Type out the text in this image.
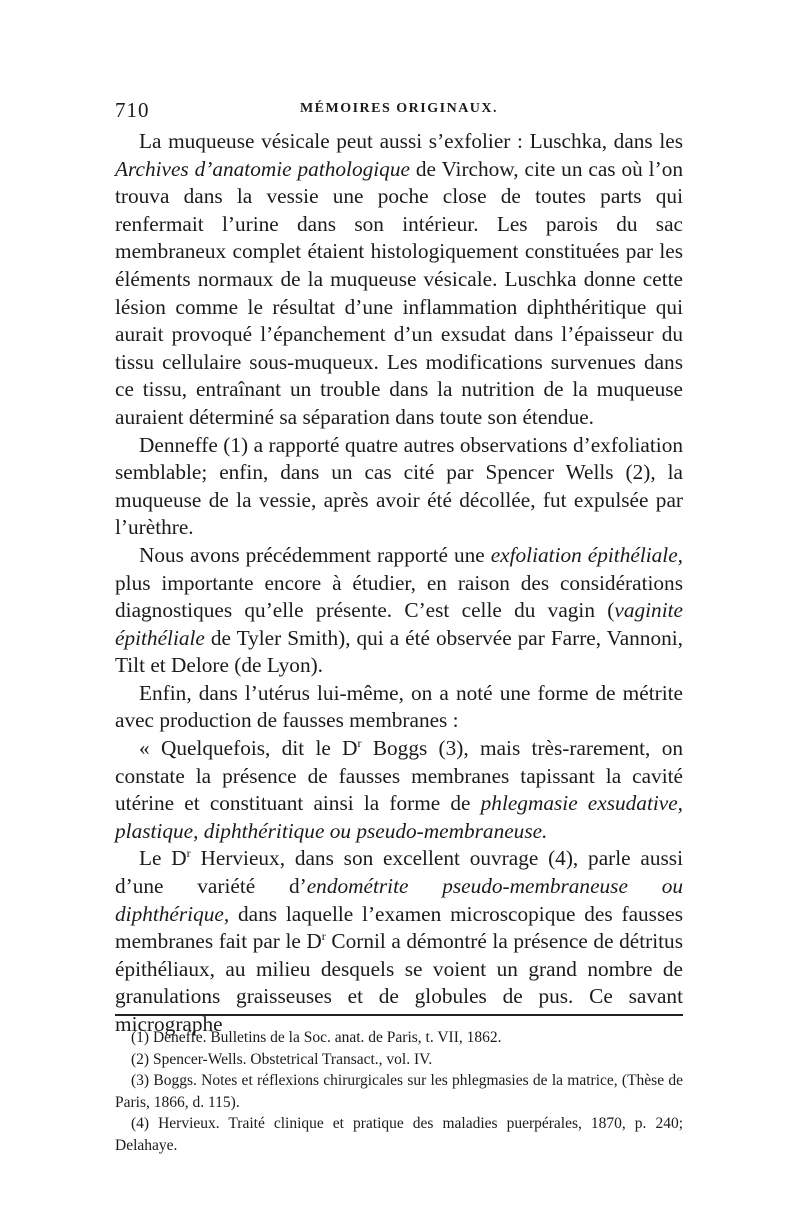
710	MÉMOIRES ORIGINAUX.

La muqueuse vésicale peut aussi s’exfolier : Luschka, dans les Archives d’anatomie pathologique de Virchow, cite un cas où l’on trouva dans la vessie une poche close de toutes parts qui renfermait l’urine dans son intérieur. Les parois du sac membraneux complet étaient histologiquement constituées par les éléments normaux de la muqueuse vésicale. Luschka donne cette lésion comme le résultat d’une inflammation diphthéritique qui aurait provoqué l’épanchement d’un exsudat dans l’épaisseur du tissu cellulaire sous-muqueux. Les modifications survenues dans ce tissu, entraînant un trouble dans la nutrition de la muqueuse auraient déterminé sa séparation dans toute son étendue.

Denneffe (1) a rapporté quatre autres observations d’exfoliation semblable; enfin, dans un cas cité par Spencer Wells (2), la muqueuse de la vessie, après avoir été décollée, fut expulsée par l’urèthre.

Nous avons précédemment rapporté une exfoliation épithéliale, plus importante encore à étudier, en raison des considérations diagnostiques qu’elle présente. C’est celle du vagin (vaginite épithéliale de Tyler Smith), qui a été observée par Farre, Vannoni, Tilt et Delore (de Lyon).

Enfin, dans l’utérus lui-même, on a noté une forme de métrite avec production de fausses membranes :

« Quelquefois, dit le $D^r$ Boggs (3), mais très-rarement, on constate la présence de fausses membranes tapissant la cavité utérine et constituant ainsi la forme de phlegmasie exsudative, plastique, diphthéritique ou pseudo-membraneuse.

Le $D^r$ Hervieux, dans son excellent ouvrage (4), parle aussi d’une variété d’endométrite pseudo-membraneuse ou diphthérique, dans laquelle l’examen microscopique des fausses membranes fait par le $D^r$ Cornil a démontré la présence de détritus épithéliaux, au milieu desquels se voient un grand nombre de granulations graisseuses et de globules de pus. Ce savant micrographe

(1) Deneffe. Bulletins de la Soc. anat. de Paris, t. VII, 1862.

(2) Spencer-Wells. Obstetrical Transact., vol. IV.

(3) Boggs. Notes et réflexions chirurgicales sur les phlegmasies de la matrice, (Thèse de Paris, 1866, d. 115).

(4) Hervieux. Traité clinique et pratique des maladies puerpérales, 1870, p. 240; Delahaye.
